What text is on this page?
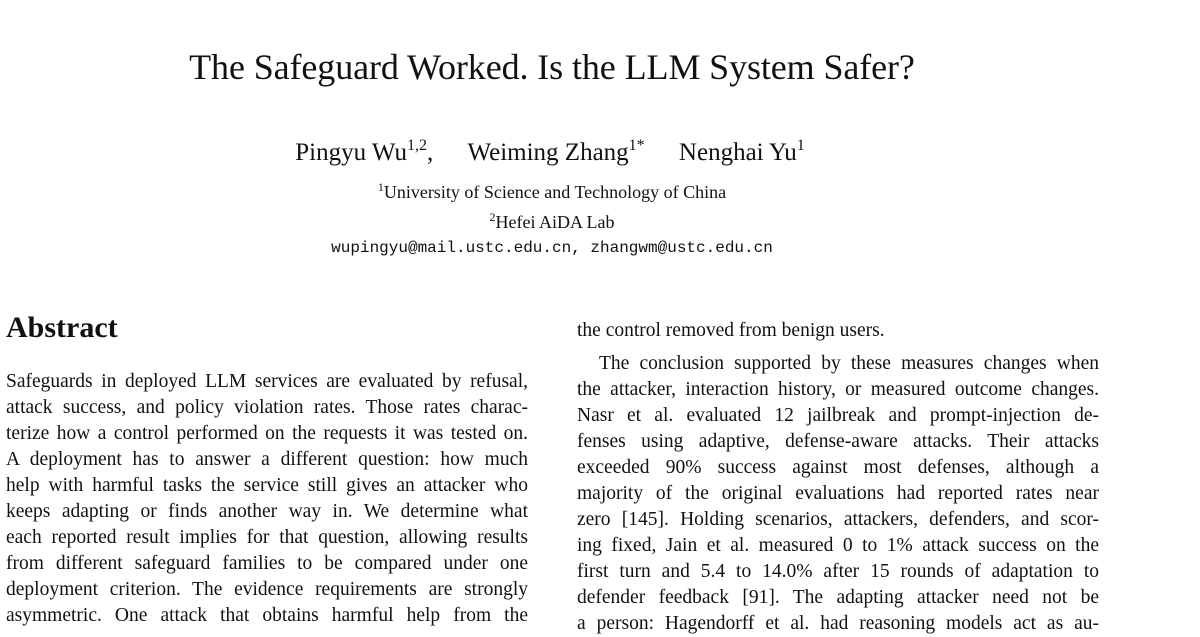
The Safeguard Worked. Is the LLM System Safer?
Pingyu Wu$^{1,2}$, Weiming Zhang$^{1*}$ Nenghai Yu$^1$
$^1$University of Science and Technology of China
$^2$Hefei AiDA Lab
wupingyu@mail.ustc.edu.cn, zhangwm@ustc.edu.cn
Abstract
Safeguards in deployed LLM services are evaluated by refusal,
attack success, and policy violation rates. Those rates charac-
terize how a control performed on the requests it was tested on.
A deployment has to answer a different question: how much
help with harmful tasks the service still gives an attacker who
keeps adapting or finds another way in. We determine what
each reported result implies for that question, allowing results
from different safeguard families to be compared under one
deployment criterion. The evidence requirements are strongly
asymmetric. One attack that obtains harmful help from the
the control removed from benign users.
The conclusion supported by these measures changes when
the attacker, interaction history, or measured outcome changes.
Nasr et al. evaluated 12 jailbreak and prompt-injection de-
fenses using adaptive, defense-aware attacks. Their attacks
exceeded 90% success against most defenses, although a
majority of the original evaluations had reported rates near
zero [145]. Holding scenarios, attackers, defenders, and scor-
ing fixed, Jain et al. measured 0 to 1% attack success on the
first turn and 5.4 to 14.0% after 15 rounds of adaptation to
defender feedback [91]. The adapting attacker need not be
a person: Hagendorff et al. had reasoning models act as au-
